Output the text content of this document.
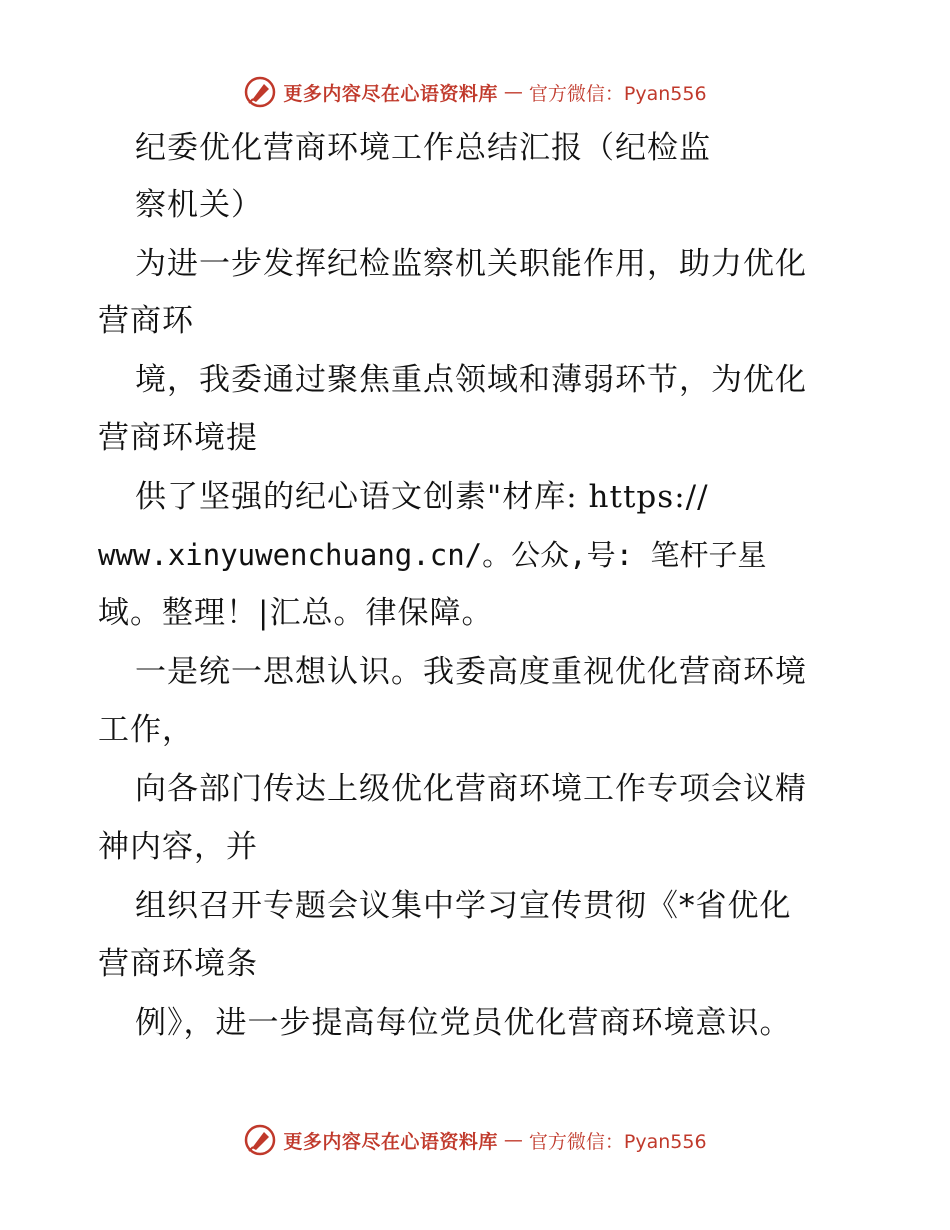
更多内容尽在心语资料库 — 官方微信：Pyan556
纪委优化营商环境工作总结汇报（纪检监
察机关）
为进一步发挥纪检监察机关职能作用，助力优化
营商环
境，我委通过聚焦重点领域和薄弱环节，为优化
营商环境提
供了坚强的纪心语文创素"材库: https://
www.xinyuwenchuang.cn/。公众,号: 笔杆子星
域。整理！|汇总。律保障。
一是统一思想认识。我委高度重视优化营商环境
工作，
向各部门传达上级优化营商环境工作专项会议精
神内容，并
组织召开专题会议集中学习宣传贯彻《*省优化
营商环境条
例》，进一步提高每位党员优化营商环境意识。
更多内容尽在心语资料库 — 官方微信：Pyan556
